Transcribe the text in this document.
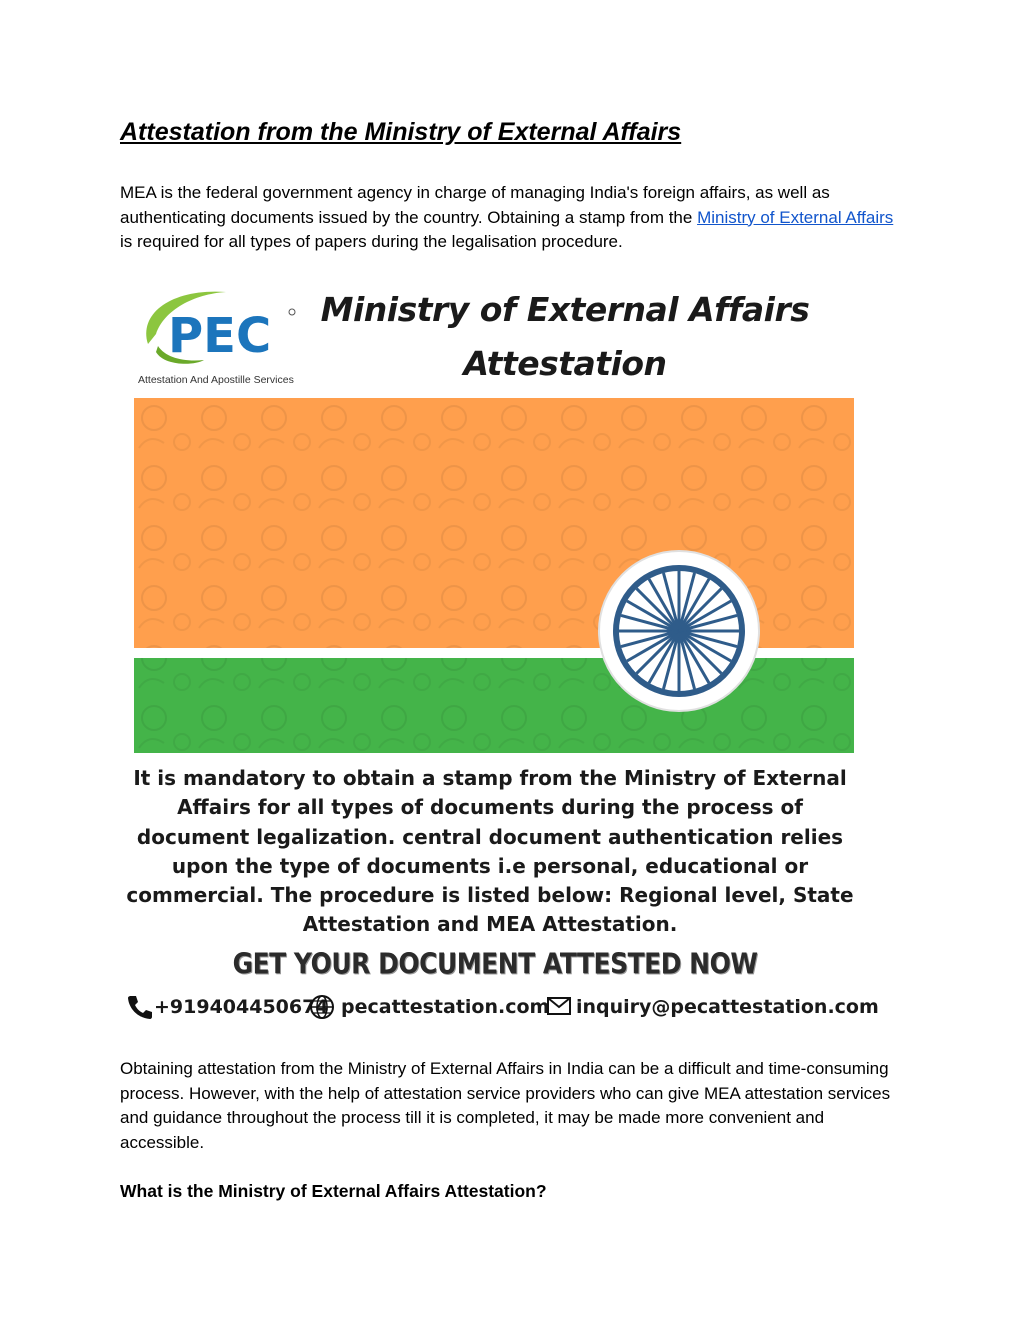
Attestation from the Ministry of External Affairs

MEA is the federal government agency in charge of managing India's foreign affairs, as well as authenticating documents issued by the country. Obtaining a stamp from the Ministry of External Affairs is required for all types of papers during the legalisation procedure.

PEC
Attestation And Apostille Services

Ministry of External Affairs

Attestation

It is mandatory to obtain a stamp from the Ministry of External Affairs for all types of documents during the process of document legalization. central document authentication relies upon the type of documents i.e personal, educational or commercial. The procedure is listed below: Regional level, State Attestation and MEA Attestation.

GET YOUR DOCUMENT ATTESTED NOW

+919404450674 pecattestation.com inquiry@pecattestation.com

Obtaining attestation from the Ministry of External Affairs in India can be a difficult and time-consuming process. However, with the help of attestation service providers who can give MEA attestation services and guidance throughout the process till it is completed, it may be made more convenient and accessible.

What is the Ministry of External Affairs Attestation?
